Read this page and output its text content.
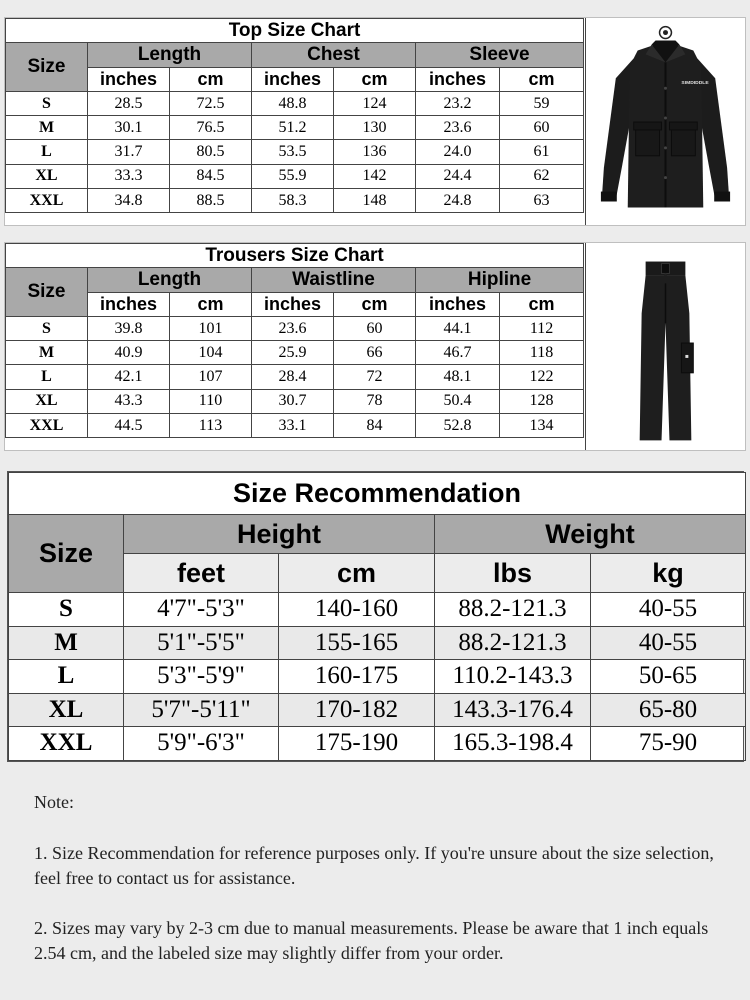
Top Size Chart						
Size	Length		Chest		Sleeve	
	inches	cm	inches	cm	inches	cm
S	28.5	72.5	48.8	124	23.2	59
M	30.1	76.5	51.2	130	23.6	60
L	31.7	80.5	53.5	136	24.0	61
XL	33.3	84.5	55.9	142	24.4	62
XXL	34.8	88.5	58.3	148	24.8	63
SIMDIDDLE
Trousers Size Chart						
Size	Length		Waistline		Hipline	
	inches	cm	inches	cm	inches	cm
S	39.8	101	23.6	60	44.1	112
M	40.9	104	25.9	66	46.7	118
L	42.1	107	28.4	72	48.1	122
XL	43.3	110	30.7	78	50.4	128
XXL	44.5	113	33.1	84	52.8	134
Size Recommendation				
Size	Height		Weight	
	feet	cm	lbs	kg
S	4'7"-5'3"	140-160	88.2-121.3	40-55
M	5'1"-5'5"	155-165	88.2-121.3	40-55
L	5'3"-5'9"	160-175	110.2-143.3	50-65
XL	5'7"-5'11"	170-182	143.3-176.4	65-80
XXL	5'9"-6'3"	175-190	165.3-198.4	75-90

Note:

1. Size Recommendation for reference purposes only. If you're unsure about the size selection, feel free to contact us for assistance.

2. Sizes may vary by 2-3 cm due to manual measurements. Please be aware that 1 inch equals 2.54 cm, and the labeled size may slightly differ from your order.
